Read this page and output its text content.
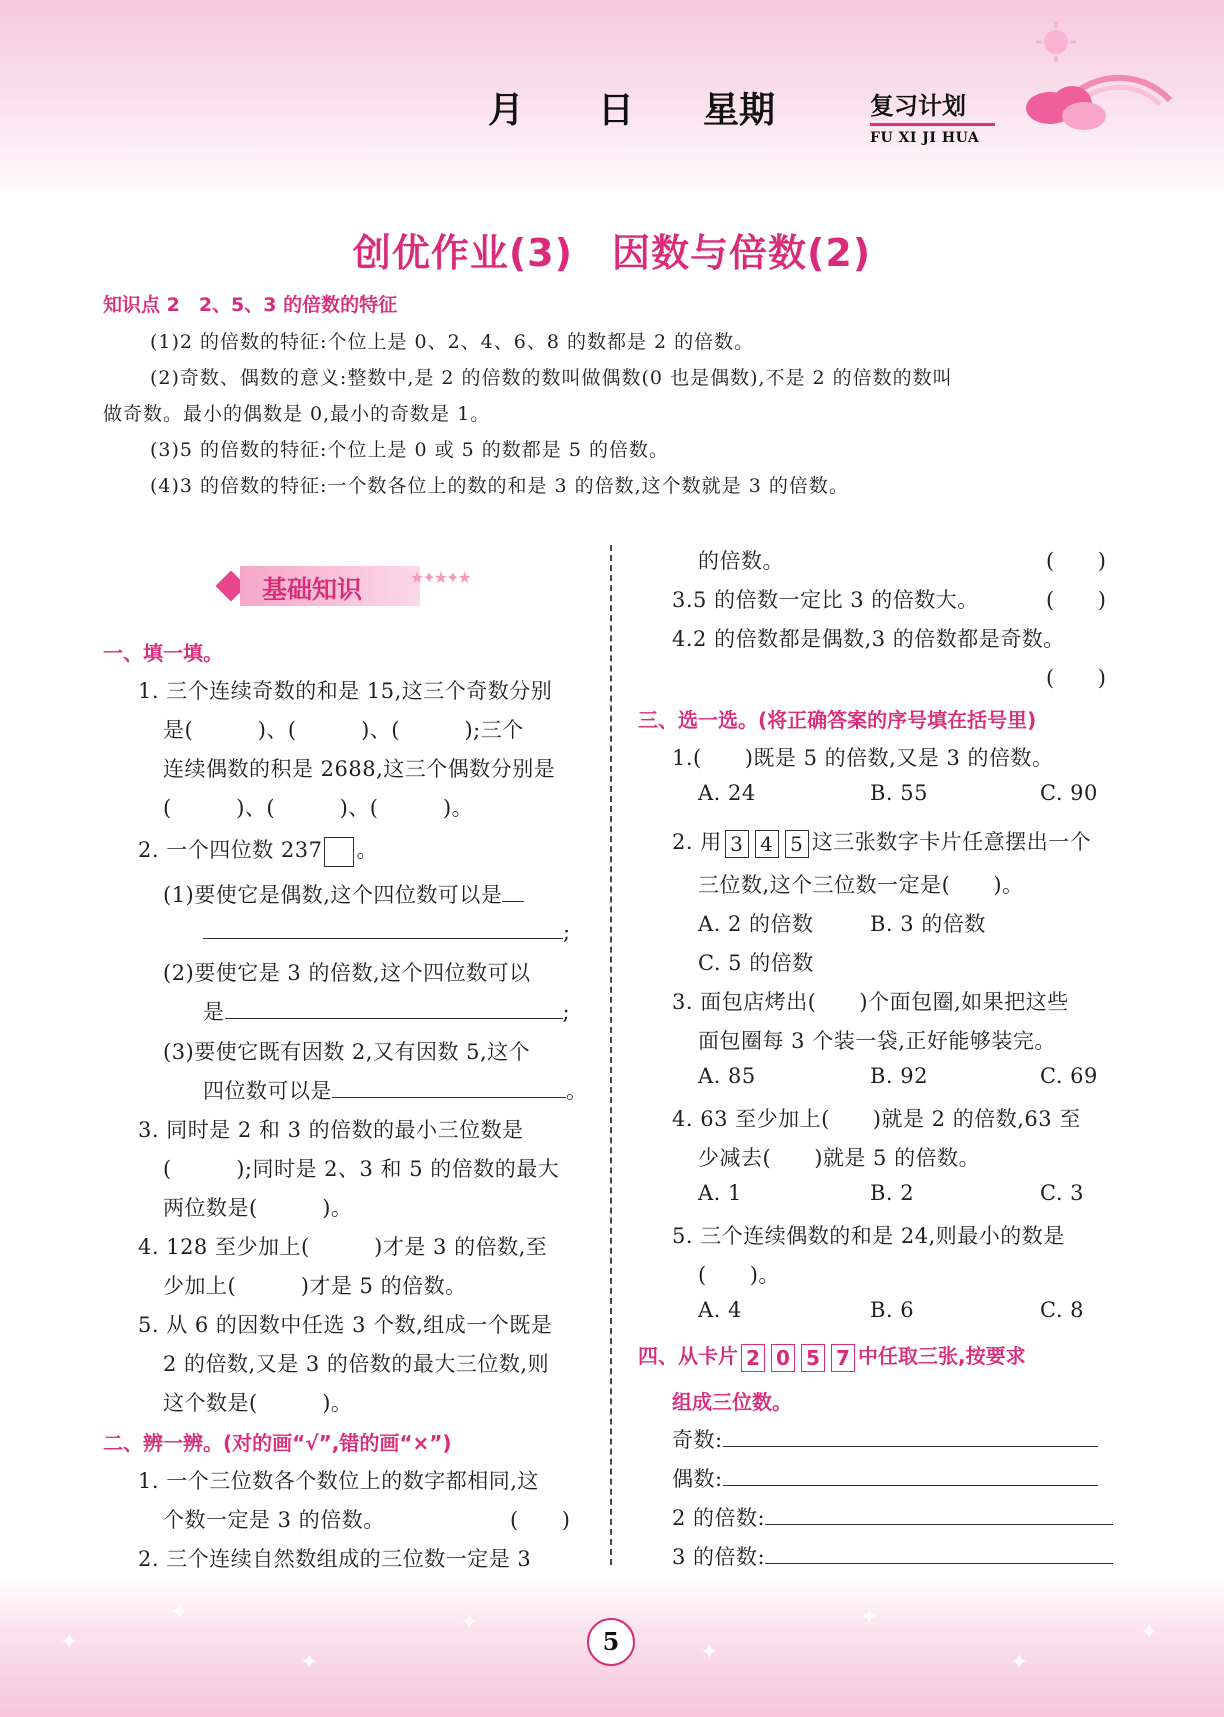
✦
✦
✦
✦
✦
✦
✦
✦
月 日 星期	复习计划
FU XI JI HUA
创优作业(3)　因数与倍数(2)
知识点 2　2、5、3 的倍数的特征
(1)2 的倍数的特征:个位上是 0、2、4、6、8 的数都是 2 的倍数。
(2)奇数、偶数的意义:整数中,是 2 的倍数的数叫做偶数(0 也是偶数),不是 2 的倍数的数叫
做奇数。最小的偶数是 0,最小的奇数是 1。
(3)5 的倍数的特征:个位上是 0 或 5 的数都是 5 的倍数。
(4)3 的倍数的特征:一个数各位上的数的和是 3 的倍数,这个数就是 3 的倍数。
基础知识	★✦★✦★
一、填一填。
1. 三个连续奇数的和是 15,这三个奇数分别
是(　　　)、(　　　)、(　　　);三个
连续偶数的积是 2688,这三个偶数分别是
(　　　)、(　　　)、(　　　)。
2. 一个四位数 237 。
(1)要使它是偶数,这个四位数可以是
;
(2)要使它是 3 的倍数,这个四位数可以
是	;
(3)要使它既有因数 2,又有因数 5,这个
四位数可以是	。
3. 同时是 2 和 3 的倍数的最小三位数是
(　　　);同时是 2、3 和 5 的倍数的最大
两位数是(　　　)。
4. 128 至少加上(　　　)才是 3 的倍数,至
少加上(　　　)才是 5 的倍数。
5. 从 6 的因数中任选 3 个数,组成一个既是
2 的倍数,又是 3 的倍数的最大三位数,则
这个数是(　　　)。
二、辨一辨。(对的画“√”,错的画“×”)
1. 一个三位数各个数位上的数字都相同,这
个数一定是 3 的倍数。	(　　)
2. 三个连续自然数组成的三位数一定是 3
的倍数。	(　　)
3.5 的倍数一定比 3 的倍数大。	(　　)
4.2 的倍数都是偶数,3 的倍数都是奇数。
(　　)
三、选一选。(将正确答案的序号填在括号里)
1.(　　)既是 5 的倍数,又是 3 的倍数。
A. 24	B. 55	C. 90
2. 用 3 4 5 这三张数字卡片任意摆出一个
三位数,这个三位数一定是(　　)。
A. 2 的倍数	B. 3 的倍数
C. 5 的倍数
3. 面包店烤出(　　)个面包圈,如果把这些
面包圈每 3 个装一袋,正好能够装完。
A. 85	B. 92	C. 69
4. 63 至少加上(　　)就是 2 的倍数,63 至
少减去(　　)就是 5 的倍数。
A. 1	B. 2	C. 3
5. 三个连续偶数的和是 24,则最小的数是
(　　)。
A. 4	B. 6	C. 8
四、从卡片 2 0 5 7 中任取三张,按要求
组成三位数。
奇数:
偶数:
2 的倍数:
3 的倍数:
5
